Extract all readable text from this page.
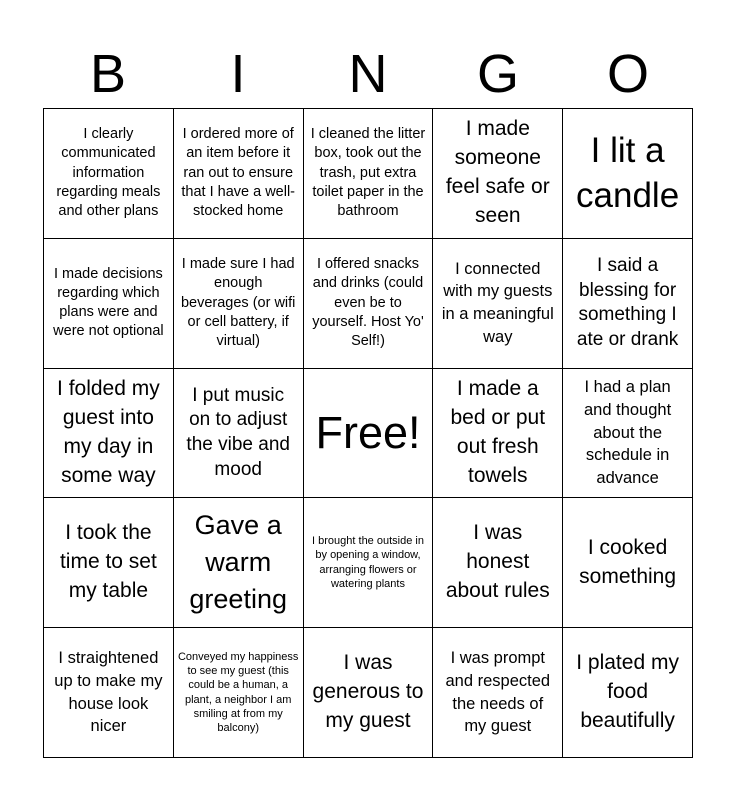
B	I	N	G	O
I clearly communicated information regarding meals and other plans
I ordered more of an item before it ran out to ensure that I have a well-stocked home
I cleaned the litter box, took out the trash, put extra toilet paper in the bathroom
I made someone feel safe or seen
I lit a candle
I made decisions regarding which plans were and were not optional
I made sure I had enough beverages (or wifi or cell battery, if virtual)
I offered snacks and drinks (could even be to yourself. Host Yo' Self!)
I connected with my guests in a meaningful way
I said a blessing for something I ate or drank
I folded my guest into my day in some way
I put music on to adjust the vibe and mood
Free!
I made a bed or put out fresh towels
I had a plan and thought about the schedule in advance
I took the time to set my table
Gave a warm greeting
I brought the outside in by opening a window, arranging flowers or watering plants
I was honest about rules
I cooked something
I straightened up to make my house look nicer
Conveyed my happiness to see my guest (this could be a human, a plant, a neighbor I am smiling at from my balcony)
I was generous to my guest
I was prompt and respected the needs of my guest
I plated my food beautifully
